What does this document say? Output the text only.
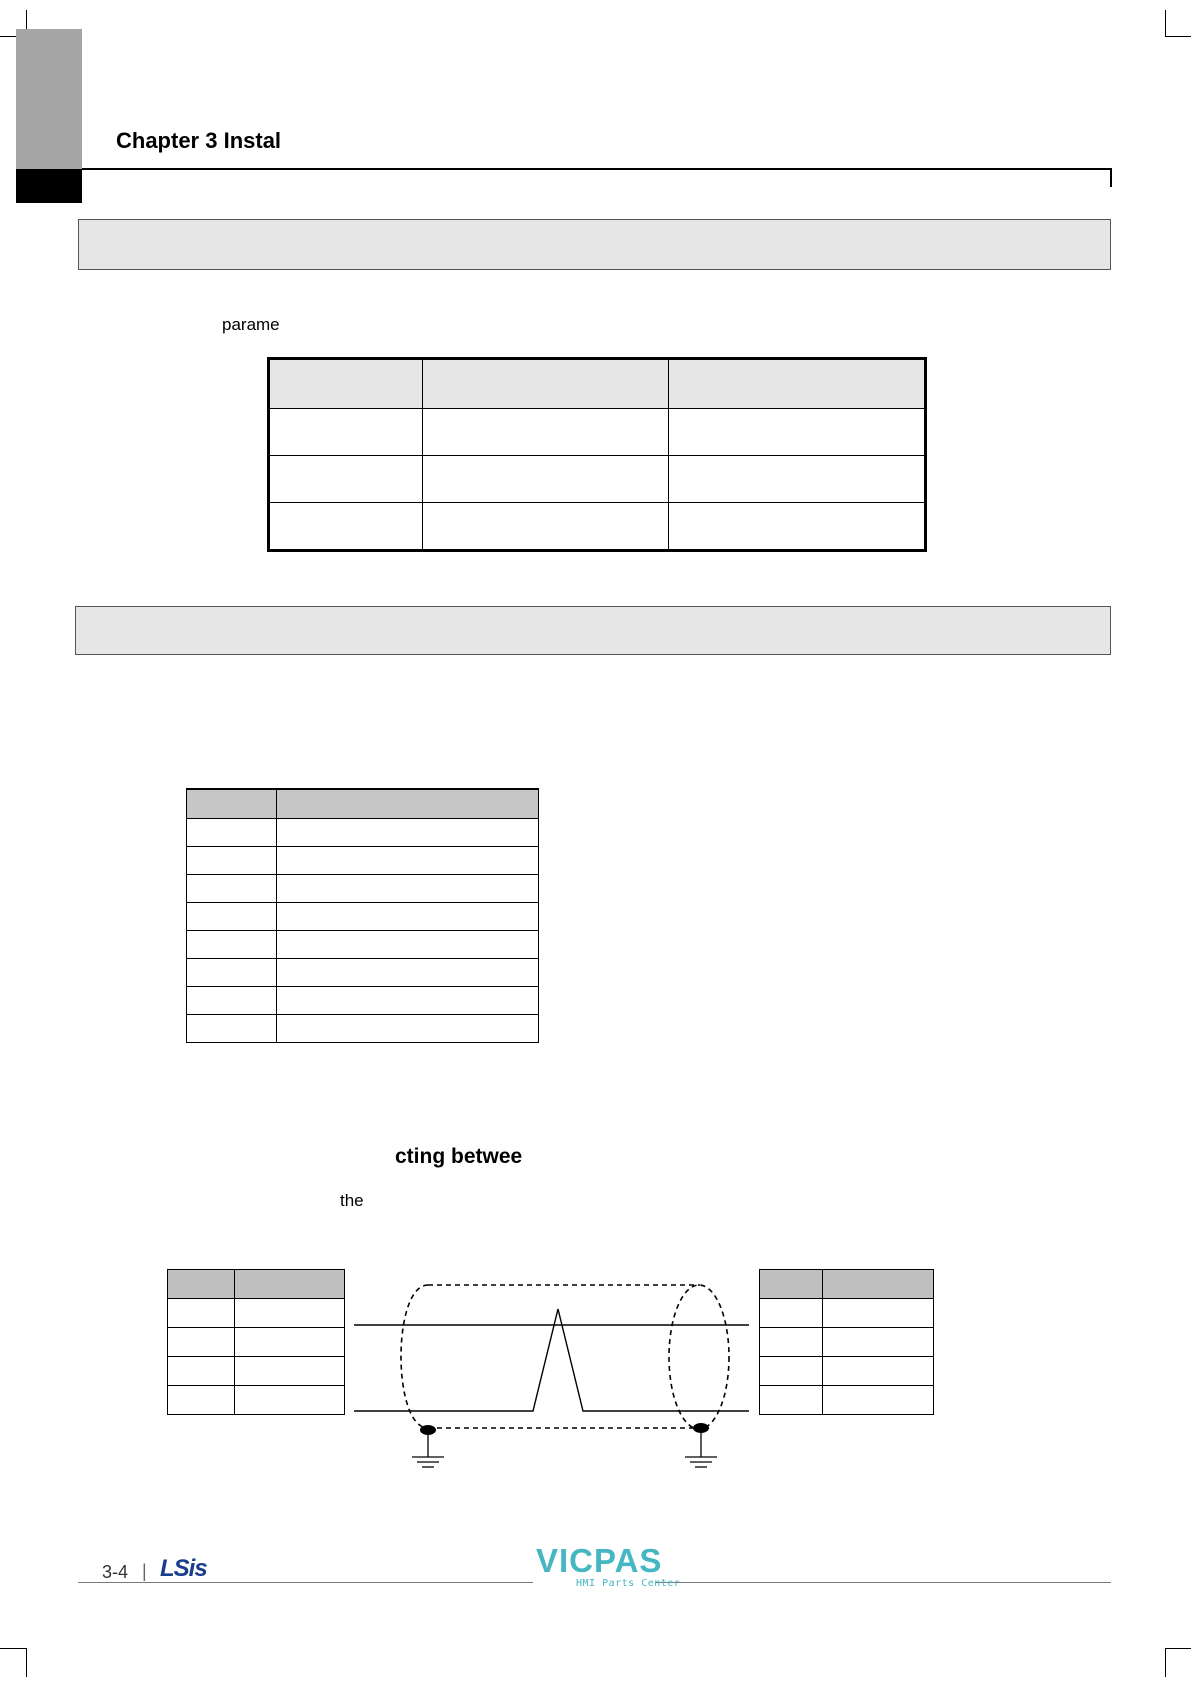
Chapter 3 Instal
parame

cting betwee
the

3-4 | LSis	VICPAS
HMI Parts Center
